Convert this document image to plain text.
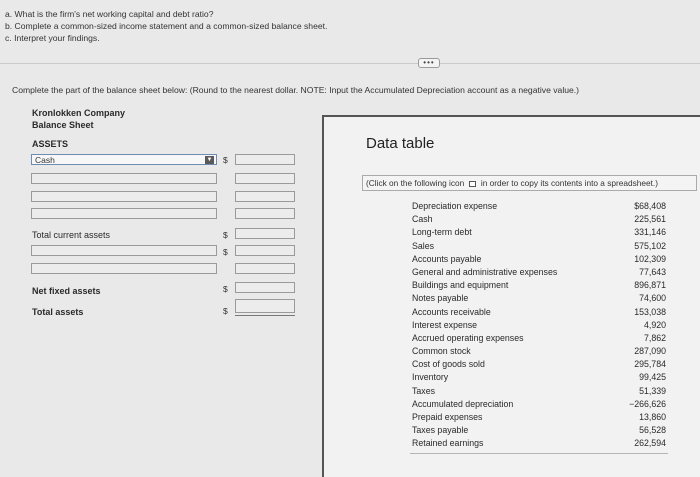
a. What is the firm's net working capital and debt ratio?
b. Complete a common-sized income statement and a common-sized balance sheet.
c. Interpret your findings.
•••
Complete the part of the balance sheet below: (Round to the nearest dollar. NOTE: Input the Accumulated Depreciation account as a negative value.)
Kronlokken Company
Balance Sheet
ASSETS
Cash	▼ $
Total current assets	$
$
Net fixed assets	$
Total assets	$
Data table
(Click on the following icon in order to copy its contents into a spreadsheet.)
Depreciation expense	$68,408
Cash	225,561
Long-term debt	331,146
Sales	575,102
Accounts payable	102,309
General and administrative expenses	77,643
Buildings and equipment	896,871
Notes payable	74,600
Accounts receivable	153,038
Interest expense	4,920
Accrued operating expenses	7,862
Common stock	287,090
Cost of goods sold	295,784
Inventory	99,425
Taxes	51,339
Accumulated depreciation	−266,626
Prepaid expenses	13,860
Taxes payable	56,528
Retained earnings	262,594
